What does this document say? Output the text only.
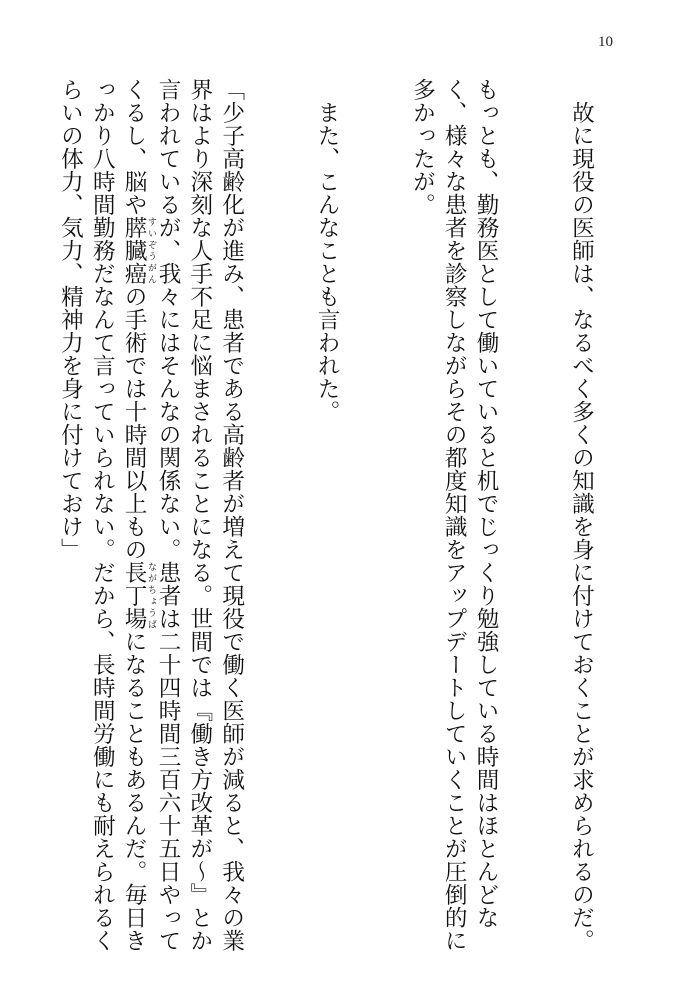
10

　故に現役の医師は、なるべく多くの知識を身に付けておくことが求められるのだ。

もっとも、勤務医として働いていると机でじっくり勉強している時間はほとんどなく、様々な患者を診察しながらその都度知識をアップデートしていくことが圧倒的に多かったが。

　また、こんなことも言われた。

「少子高齢化が進み、患者である高齢者が増えて現役で働く医師が減ると、我々の業界はより深刻な人手不足に悩まされることになる。世間では『働き方改革が〜』とか言われているが、我々にはそんなの関係ない。患者は二十四時間三百六十五日やってくるし、脳や膵臓 すいぞう癌 がんの手術では十時間以上もの長丁場 ながちょうばになることもあるんだ。毎日きっかり八時間勤務だなんて言っていられない。だから、長時間労働にも耐えられるくらいの体力、気力、精神力を身に付けておけ」
